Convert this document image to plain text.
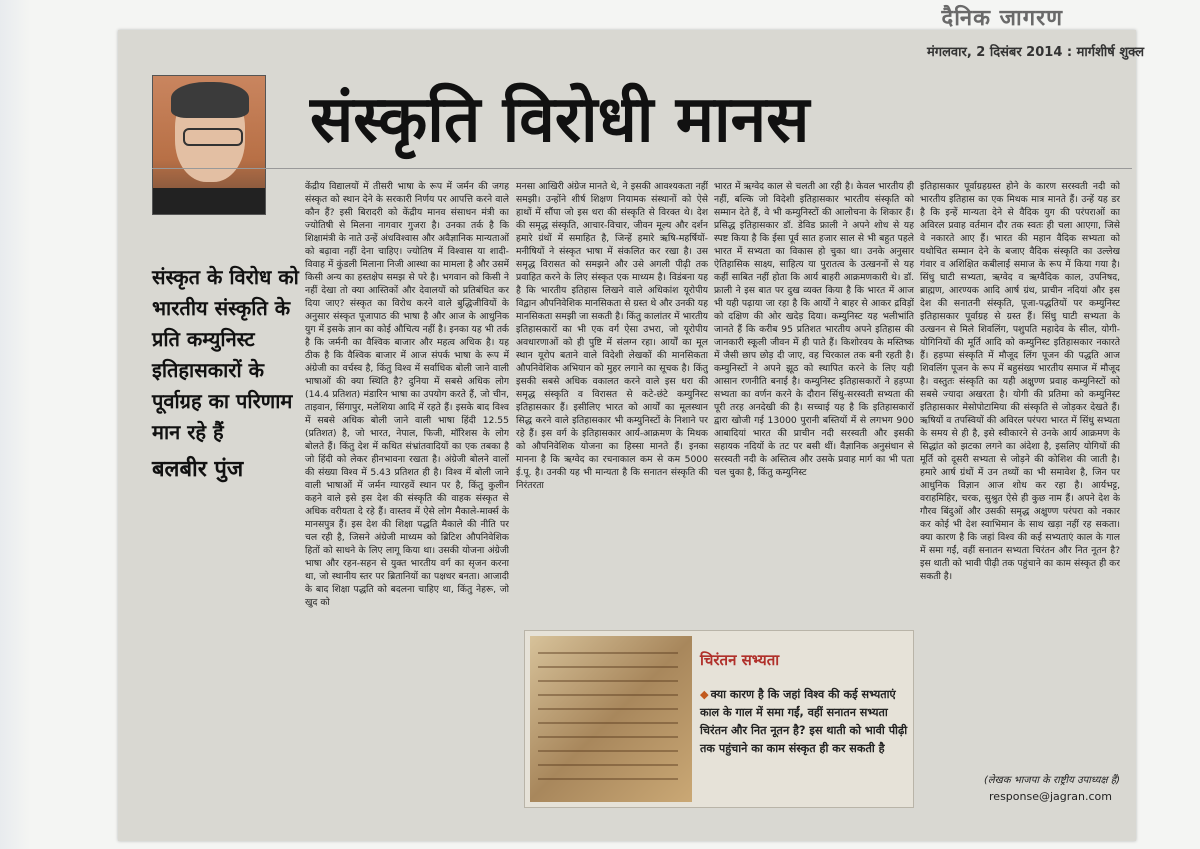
दैनिक जागरण
मंगलवार, 2 दिसंबर 2014 : मार्गशीर्ष शुक्ल
संस्कृति विरोधी मानस
संस्कृत के विरोध को भारतीय संस्कृति के प्रति कम्युनिस्ट इतिहासकारों के पूर्वाग्रह का परिणाम मान रहे हैं
बलबीर पुंज

केंद्रीय विद्यालयों में तीसरी भाषा के रूप में जर्मन की जगह संस्कृत को स्थान देने के सरकारी निर्णय पर आपत्ति करने वाले कौन हैं? इसी बिरादरी को केंद्रीय मानव संसाधन मंत्री का ज्योतिषी से मिलना नागवार गुजरा है। उनका तर्क है कि शिक्षामंत्री के नाते उन्हें अंधविश्वास और अवैज्ञानिक मान्यताओं को बढ़ावा नहीं देना चाहिए। ज्योतिष में विश्वास या शादी-विवाह में कुंडली मिलाना निजी आस्था का मामला है और उसमें किसी अन्य का हस्तक्षेप समझ से परे है। भगवान को किसी ने नहीं देखा तो क्या आस्तिकों और देवालयों को प्रतिबंधित कर दिया जाए? संस्कृत का विरोध करने वाले बुद्धिजीवियों के अनुसार संस्कृत पूजापाठ की भाषा है और आज के आधुनिक युग में इसके ज्ञान का कोई औचित्य नहीं है। इनका यह भी तर्क है कि जर्मनी का वैश्विक बाजार और महत्व अधिक है। यह ठीक है कि वैश्विक बाजार में आज संपर्क भाषा के रूप में अंग्रेजी का वर्चस्व है, किंतु विश्व में सर्वाधिक बोली जाने वाली भाषाओं की क्या स्थिति है? दुनिया में सबसे अधिक लोग (14.4 प्रतिशत) मंडारिन भाषा का उपयोग करते हैं, जो चीन, ताइवान, सिंगापुर, मलेशिया आदि में रहते हैं। इसके बाद विश्व में सबसे अधिक बोली जाने वाली भाषा हिंदी 12.55 (प्रतिशत) है, जो भारत, नेपाल, फिजी, मॉरिशस के लोग बोलते हैं। किंतु देश में कथित संभ्रांतवादियों का एक तबका है जो हिंदी को लेकर हीनभावना रखता है। अंग्रेजी बोलने वालों की संख्या विश्व में 5.43 प्रतिशत ही है। विश्व में बोली जाने वाली भाषाओं में जर्मन ग्यारहवें स्थान पर है, किंतु कुलीन कहने वाले इसे इस देश की संस्कृति की वाहक संस्कृत से अधिक वरीयता दे रहे हैं। वास्तव में ऐसे लोग मैकाले-मार्क्स के मानसपुत्र हैं। इस देश की शिक्षा पद्धति मैकाले की नीति पर चल रही है, जिसने अंग्रेजी माध्यम को ब्रिटिश औपनिवेशिक हितों को साधने के लिए लागू किया था। उसकी योजना अंग्रेजी भाषा और रहन-सहन से युक्त भारतीय वर्ग का सृजन करना था, जो स्थानीय स्तर पर ब्रितानियों का पक्षधर बनता। आजादी के बाद शिक्षा पद्धति को बदलना चाहिए था, किंतु नेहरू, जो खुद को

मनसा आखिरी अंग्रेज मानते थे, ने इसकी आवश्यकता नहीं समझी। उन्होंने शीर्ष शिक्षण नियामक संस्थानों को ऐसे हाथों में सौंपा जो इस धरा की संस्कृति से विरक्त थे। देश की समृद्ध संस्कृति, आचार-विचार, जीवन मूल्य और दर्शन हमारे ग्रंथों में समाहित है, जिन्हें हमारे ऋषि-महर्षियों-मनीषियों ने संस्कृत भाषा में संकलित कर रखा है। उस समृद्ध विरासत को समझने और उसे अगली पीढ़ी तक प्रवाहित करने के लिए संस्कृत एक माध्यम है। विडंबना यह है कि भारतीय इतिहास लिखने वाले अधिकांश यूरोपीय विद्वान औपनिवेशिक मानसिकता से ग्रस्त थे और उनकी यह मानसिकता समझी जा सकती है। किंतु कालांतर में भारतीय इतिहासकारों का भी एक वर्ग ऐसा उभरा, जो यूरोपीय अवधारणाओं को ही पुष्टि में संलग्न रहा। आर्यों का मूल स्थान यूरोप बताने वाले विदेशी लेखकों की मानसिकता औपनिवेशिक अभियान को मुहर लगाने का सूचक है। किंतु इसकी सबसे अधिक वकालत करने वाले इस धरा की समृद्ध संस्कृति व विरासत से कटे-छंटे कम्युनिस्ट इतिहासकार हैं। इसीलिए भारत को आर्यों का मूलस्थान सिद्ध करने वाले इतिहासकार भी कम्युनिस्टों के निशाने पर रहे हैं। इस वर्ग के इतिहासकार आर्य-आक्रमण के मिथक को औपनिवेशिक योजना का हिस्सा मानते हैं। इनका मानना है कि ऋग्वेद का रचनाकाल कम से कम 5000 ई.पू. है। उनकी यह भी मान्यता है कि सनातन संस्कृति की निरंतरता

भारत में ऋग्वेद काल से चलती आ रही है। केवल भारतीय ही नहीं, बल्कि जो विदेशी इतिहासकार भारतीय संस्कृति को सम्मान देते हैं, वे भी कम्युनिस्टों की आलोचना के शिकार हैं। प्रसिद्ध इतिहासकार डॉ. डेविड फ्राली ने अपने शोध से यह स्पष्ट किया है कि ईसा पूर्व सात हजार साल से भी बहुत पहले भारत में सभ्यता का विकास हो चुका था। उनके अनुसार ऐतिहासिक साक्ष्य, साहित्य या पुरातत्व के उत्खननों से यह कहीं साबित नहीं होता कि आर्य बाहरी आक्रमणकारी थे। डॉ. फ्राली ने इस बात पर दुख व्यक्त किया है कि भारत में आज भी यही पढ़ाया जा रहा है कि आर्यों ने बाहर से आकर द्रविड़ों को दक्षिण की ओर खदेड़ दिया। कम्युनिस्ट यह भलीभांति जानते हैं कि करीब 95 प्रतिशत भारतीय अपने इतिहास की जानकारी स्कूली जीवन में ही पाते हैं। किशोरवय के मस्तिष्क में जैसी छाप छोड़ दी जाए, वह चिरकाल तक बनी रहती है। कम्युनिस्टों ने अपने झूठ को स्थापित करने के लिए यही आसान रणनीति बनाई है। कम्युनिस्ट इतिहासकारों ने हड़प्पा सभ्यता का वर्णन करने के दौरान सिंधु-सरस्वती सभ्यता की पूरी तरह अनदेखी की है। सच्चाई यह है कि इतिहासकारों द्वारा खोजी गई 13000 पुरानी बस्तियों में से लगभग 900 आबादियां भारत की प्राचीन नदी सरस्वती और इसकी सहायक नदियों के तट पर बसी थीं। वैज्ञानिक अनुसंधान से सरस्वती नदी के अस्तित्व और उसके प्रवाह मार्ग का भी पता चल चुका है, किंतु कम्युनिस्ट

इतिहासकार पूर्वाग्रहग्रस्त होने के कारण सरस्वती नदी को भारतीय इतिहास का एक मिथक मात्र मानते हैं। उन्हें यह डर है कि इन्हें मान्यता देने से वैदिक युग की परंपराओं का अविरल प्रवाह वर्तमान दौर तक स्वतः ही चला आएगा, जिसे वे नकारते आए हैं। भारत की महान वैदिक सभ्यता को यथोचित सम्मान देने के बजाए वैदिक संस्कृति का उल्लेख गंवार व अशिक्षित कबीलाई समाज के रूप में किया गया है। सिंधु घाटी सभ्यता, ऋग्वेद व ऋग्वैदिक काल, उपनिषद, ब्राह्मण, आरण्यक आदि आर्ष ग्रंथ, प्राचीन नदियां और इस देश की सनातनी संस्कृति, पूजा-पद्धतियों पर कम्युनिस्ट इतिहासकार पूर्वाग्रह से ग्रस्त हैं। सिंधु घाटी सभ्यता के उत्खनन से मिले शिवलिंग, पशुपति महादेव के सील, योगी-योगिनियों की मूर्ति आदि को कम्युनिस्ट इतिहासकार नकारते हैं। हड़प्पा संस्कृति में मौजूद लिंग पूजन की पद्धति आज शिवलिंग पूजन के रूप में बहुसंख्य भारतीय समाज में मौजूद है। वस्तुतः संस्कृति का यही अक्षुण्ण प्रवाह कम्युनिस्टों को सबसे ज्यादा अखरता है। योगी की प्रतिमा को कम्युनिस्ट इतिहासकार मेसोपोटामिया की संस्कृति से जोड़कर देखते हैं। ऋषियों व तपस्वियों की अविरल परंपरा भारत में सिंधु सभ्यता के समय से ही है, इसे स्वीकारने से उनके आर्य आक्रमण के सिद्धांत को झटका लगने का अंदेशा है, इसलिए योगियों की मूर्ति को दूसरी सभ्यता से जोड़ने की कोशिश की जाती है। हमारे आर्ष ग्रंथों में उन तथ्यों का भी समावेश है, जिन पर आधुनिक विज्ञान आज शोध कर रहा है। आर्यभट्ट, वराहमिहिर, चरक, सुश्रुत ऐसे ही कुछ नाम हैं। अपने देश के गौरव बिंदुओं और उसकी समृद्ध अक्षुण्ण परंपरा को नकार कर कोई भी देश स्वाभिमान के साथ खड़ा नहीं रह सकता। क्या कारण है कि जहां विश्व की कई सभ्यताएं काल के गाल में समा गईं, वहीं सनातन सभ्यता चिरंतन और नित नूतन है? इस थाती को भावी पीढ़ी तक पहुंचाने का काम संस्कृत ही कर सकती है।

चिरंतन सभ्यता
◆ क्या कारण है कि जहां विश्व की कई सभ्यताएं काल के गाल में समा गईं, वहीं सनातन सभ्यता चिरंतन और नित नूतन है? इस थाती को भावी पीढ़ी तक पहुंचाने का काम संस्कृत ही कर सकती है
(लेखक भाजपा के राष्ट्रीय उपाध्यक्ष हैं)
response@jagran.com
